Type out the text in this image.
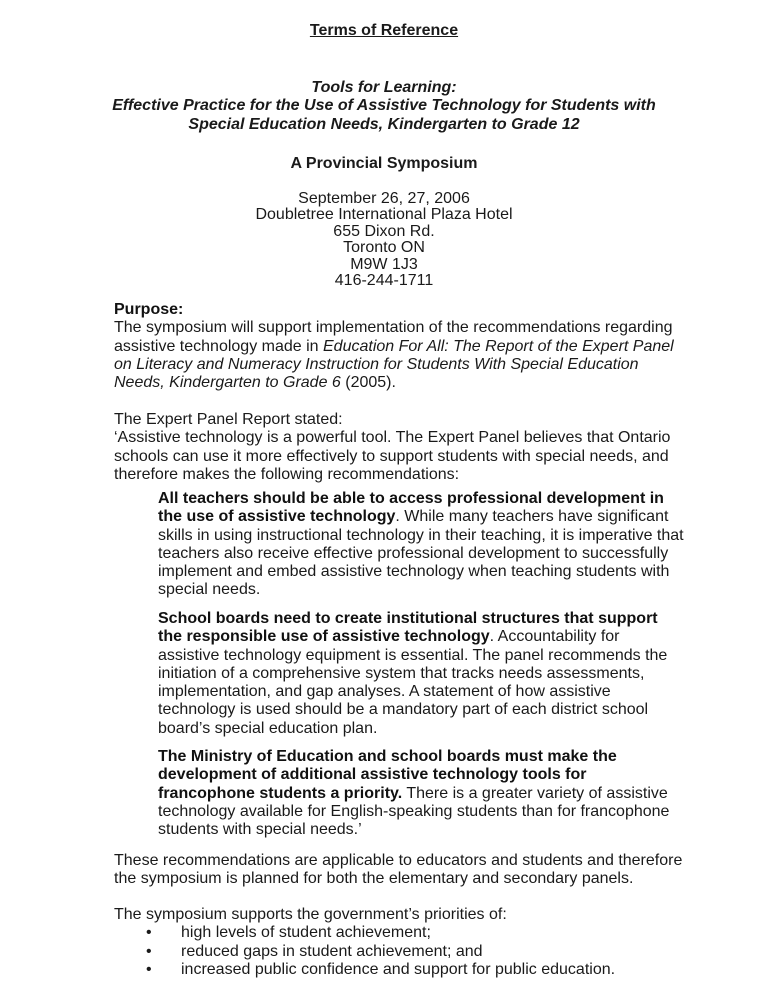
Terms of Reference
Tools for Learning:
Effective Practice for the Use of Assistive Technology for Students with
Special Education Needs, Kindergarten to Grade 12
A Provincial Symposium
September 26, 27, 2006
Doubletree International Plaza Hotel
655 Dixon Rd.
Toronto ON
M9W 1J3
416-244-1711
Purpose:
The symposium will support implementation of the recommendations regarding
assistive technology made in Education For All: The Report of the Expert Panel
on Literacy and Numeracy Instruction for Students With Special Education
Needs, Kindergarten to Grade 6 (2005).
The Expert Panel Report stated:
‘Assistive technology is a powerful tool. The Expert Panel believes that Ontario
schools can use it more effectively to support students with special needs, and
therefore makes the following recommendations:
All teachers should be able to access professional development in
the use of assistive technology. While many teachers have significant
skills in using instructional technology in their teaching, it is imperative that
teachers also receive effective professional development to successfully
implement and embed assistive technology when teaching students with
special needs.
School boards need to create institutional structures that support
the responsible use of assistive technology. Accountability for
assistive technology equipment is essential. The panel recommends the
initiation of a comprehensive system that tracks needs assessments,
implementation, and gap analyses. A statement of how assistive
technology is used should be a mandatory part of each district school
board’s special education plan.
The Ministry of Education and school boards must make the
development of additional assistive technology tools for
francophone students a priority. There is a greater variety of assistive
technology available for English-speaking students than for francophone
students with special needs.’
These recommendations are applicable to educators and students and therefore
the symposium is planned for both the elementary and secondary panels.
The symposium supports the government’s priorities of:
• high levels of student achievement;
• reduced gaps in student achievement; and
• increased public confidence and support for public education.
